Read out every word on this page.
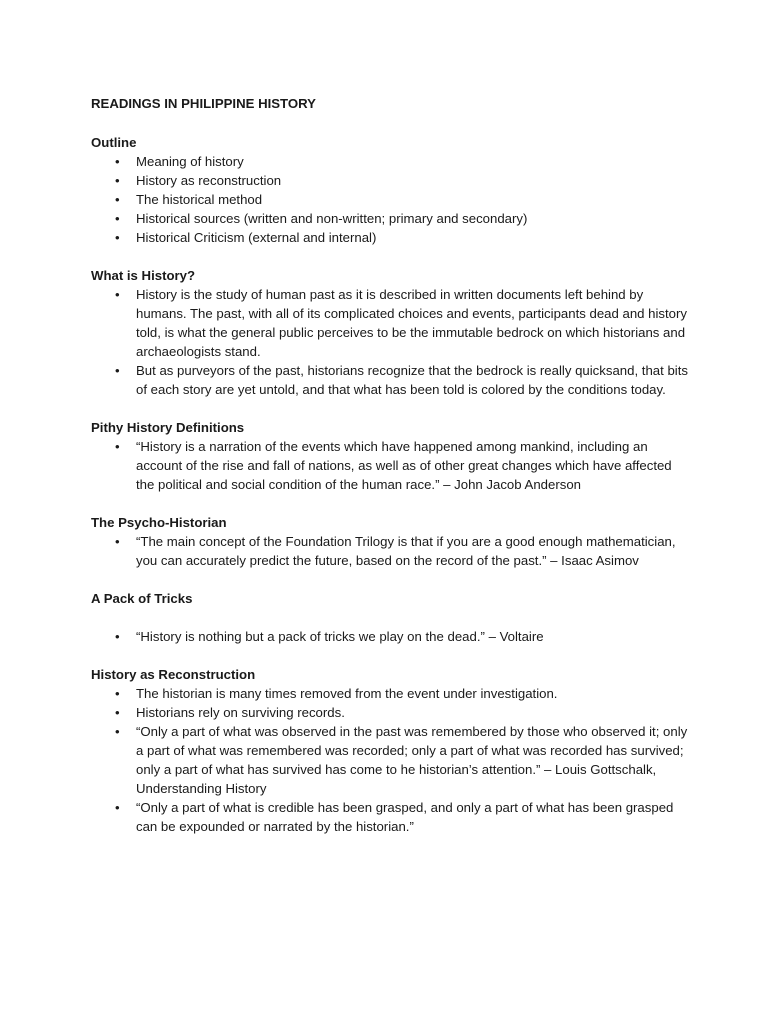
READINGS IN PHILIPPINE HISTORY
Outline
• Meaning of history
• History as reconstruction
• The historical method
• Historical sources (written and non-written; primary and secondary)
• Historical Criticism (external and internal)
What is History?
• History is the study of human past as it is described in written documents left behind by humans. The past, with all of its complicated choices and events, participants dead and history told, is what the general public perceives to be the immutable bedrock on which historians and archaeologists stand.
• But as purveyors of the past, historians recognize that the bedrock is really quicksand, that bits of each story are yet untold, and that what has been told is colored by the conditions today.
Pithy History Definitions
• “History is a narration of the events which have happened among mankind, including an account of the rise and fall of nations, as well as of other great changes which have affected the political and social condition of the human race.” – John Jacob Anderson
The Psycho-Historian
• “The main concept of the Foundation Trilogy is that if you are a good enough mathematician, you can accurately predict the future, based on the record of the past.” – Isaac Asimov
A Pack of Tricks
• “History is nothing but a pack of tricks we play on the dead.” – Voltaire
History as Reconstruction
• The historian is many times removed from the event under investigation.
• Historians rely on surviving records.
• “Only a part of what was observed in the past was remembered by those who observed it; only a part of what was remembered was recorded; only a part of what was recorded has survived; only a part of what has survived has come to he historian’s attention.” – Louis Gottschalk, Understanding History
• “Only a part of what is credible has been grasped, and only a part of what has been grasped can be expounded or narrated by the historian.”
